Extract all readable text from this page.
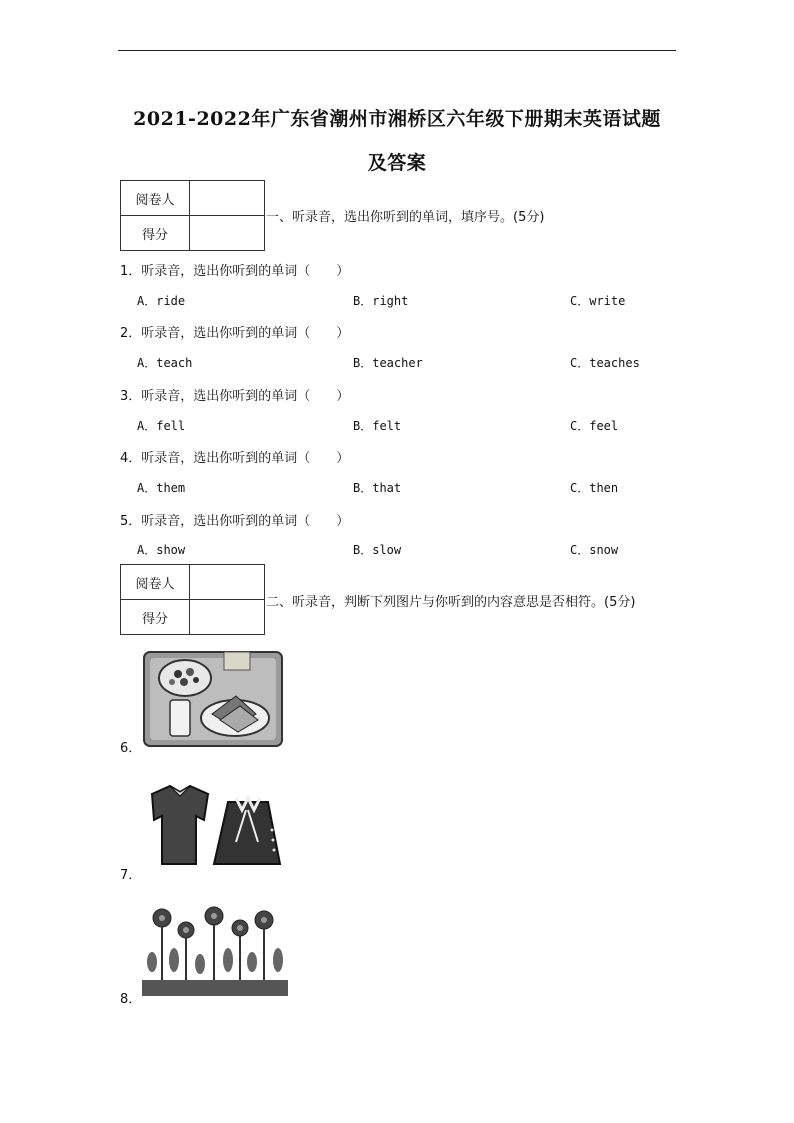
2021-2022年广东省潮州市湘桥区六年级下册期末英语试题
及答案
阅卷人	
得分	
一、听录音，选出你听到的单词，填序号。(5分)
1．听录音，选出你听到的单词（　　）
A．ride	B．right	C．write
2．听录音，选出你听到的单词（　　）
A．teach	B．teacher	C．teaches
3．听录音，选出你听到的单词（　　）
A．fell	B．felt	C．feel
4．听录音，选出你听到的单词（　　）
A．them	B．that	C．then
5．听录音，选出你听到的单词（　　）
A．show	B．slow	C．snow
阅卷人	
得分	
二、听录音，判断下列图片与你听到的内容意思是否相符。(5分)
6．
7．
8．
